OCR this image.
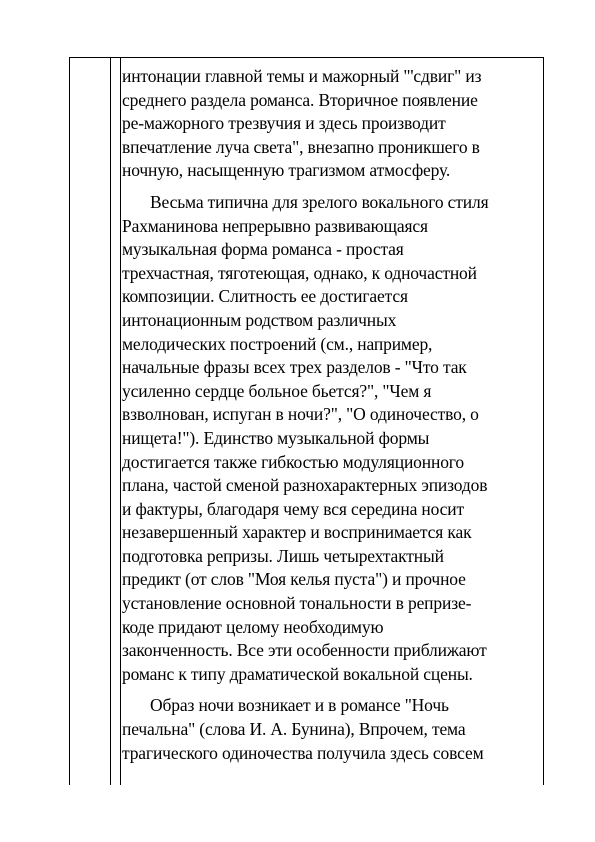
интонации главной темы и мажорный "'сдвиг" из
среднего раздела романса. Вторичное появление
ре-мажорного трезвучия и здесь производит
впечатление луча света", внезапно проникшего в
ночную, насыщенную трагизмом атмосферу.
Весьма типична для зрелого вокального стиля
Рахманинова непрерывно развивающаяся
музыкальная форма романса - простая
трехчастная, тяготеющая, однако, к одночастной
композиции. Слитность ее достигается
интонационным родством различных
мелодических построений (см., например,
начальные фразы всех трех разделов - "Что так
усиленно сердце больное бьется?", "Чем я
взволнован, испуган в ночи?", "О одиночество, о
нищета!"). Единство музыкальной формы
достигается также гибкостью модуляционного
плана, частой сменой разнохарактерных эпизодов
и фактуры, благодаря чему вся середина носит
незавершенный характер и воспринимается как
подготовка репризы. Лишь четырехтактный
предикт (от слов "Моя келья пуста") и прочное
установление основной тональности в репризе-
коде придают целому необходимую
законченность. Все эти особенности приближают
романс к типу драматической вокальной сцены.
Образ ночи возникает и в романсе "Ночь
печальна" (слова И. А. Бунина), Впрочем, тема
трагического одиночества получила здесь совсем
